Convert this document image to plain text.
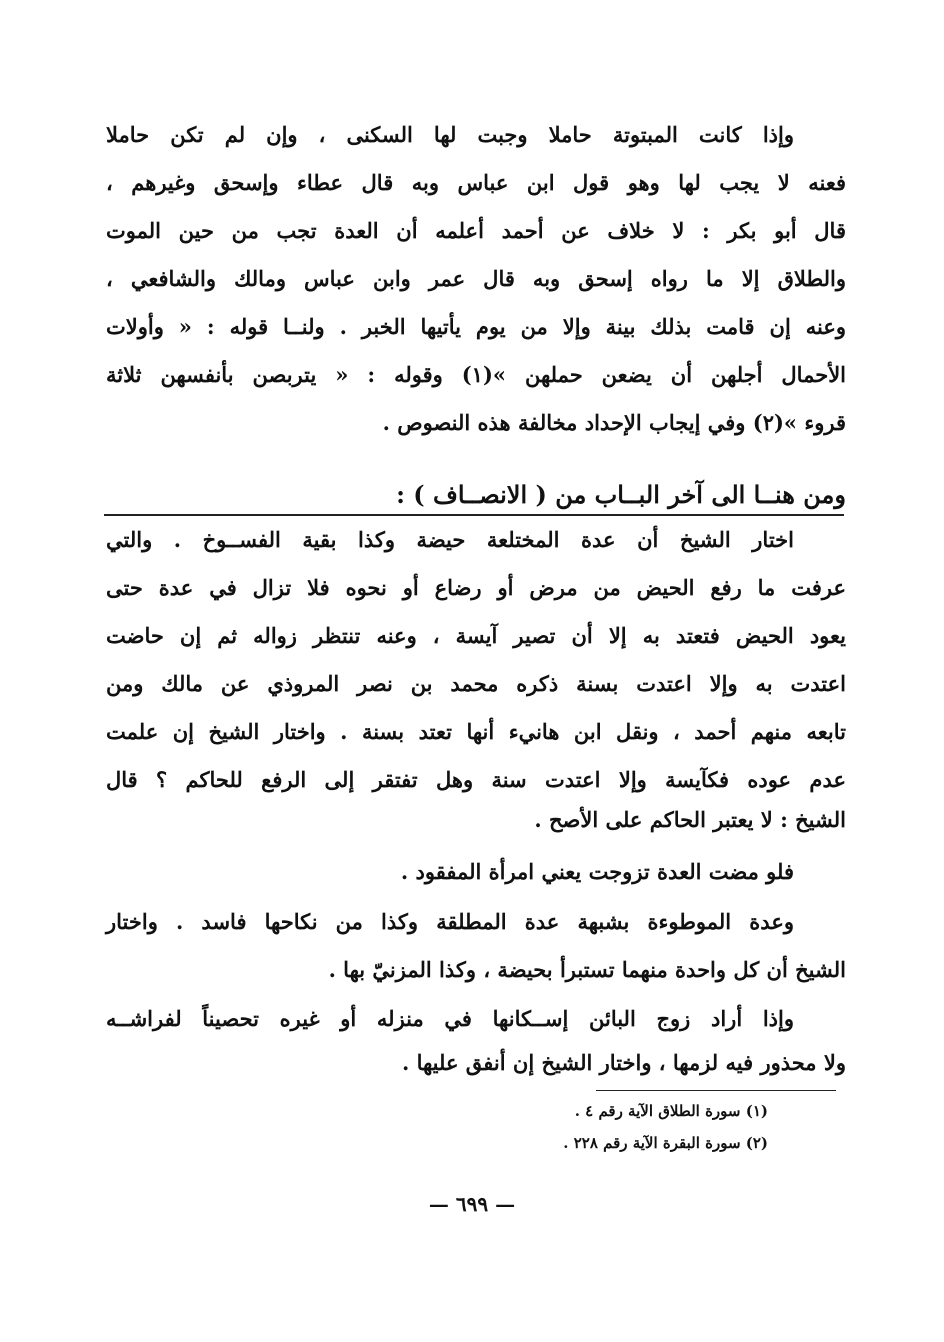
وإذا كانت المبتوتة حاملا وجبت لها السكنى ، وإن لم تكن حاملا
فعنه لا يجب لها وهو قول ابن عباس وبه قال عطاء وإسحق وغيرهم ،
قال أبو بكر : لا خلاف عن أحمد أعلمه أن العدة تجب من حين الموت
والطلاق إلا ما رواه إسحق وبه قال عمر وابن عباس ومالك والشافعي ،
وعنه إن قامت بذلك بينة وإلا من يوم يأتيها الخبر . ولنــا قوله : « وأولات
الأحمال أجلهن أن يضعن حملهن »(١) وقوله : « يتربصن بأنفسهن ثلاثة
قروء »(٢) وفي إيجاب الإحداد مخالفة هذه النصوص .
ومن هنــا الى آخر البــاب من ( الانصــاف ) :
اختار الشيخ أن عدة المختلعة حيضة وكذا بقية الفســوخ . والتي
عرفت ما رفع الحيض من مرض أو رضاع أو نحوه فلا تزال في عدة حتى
يعود الحيض فتعتد به إلا أن تصير آيسة ، وعنه تنتظر زواله ثم إن حاضت
اعتدت به وإلا اعتدت بسنة ذكره محمد بن نصر المروذي عن مالك ومن
تابعه منهم أحمد ، ونقل ابن هانيء أنها تعتد بسنة . واختار الشيخ إن علمت
عدم عوده فكآيسة وإلا اعتدت سنة وهل تفتقر إلى الرفع للحاكم ؟ قال
الشيخ : لا يعتبر الحاكم على الأصح .
فلو مضت العدة تزوجت يعني امرأة المفقود .
وعدة الموطوءة بشبهة عدة المطلقة وكذا من نكاحها فاسد . واختار
الشيخ أن كل واحدة منهما تستبرأ بحيضة ، وكذا المزنيّ بها .
وإذا أراد زوج البائن إســكانها في منزله أو غيره تحصيناً لفراشــه
ولا محذور فيه لزمها ، واختار الشيخ إن أنفق عليها .
(١) سورة الطلاق الآية رقم ٤ .
(٢) سورة البقرة الآية رقم ٢٢٨ .
— ٦٩٩ —
